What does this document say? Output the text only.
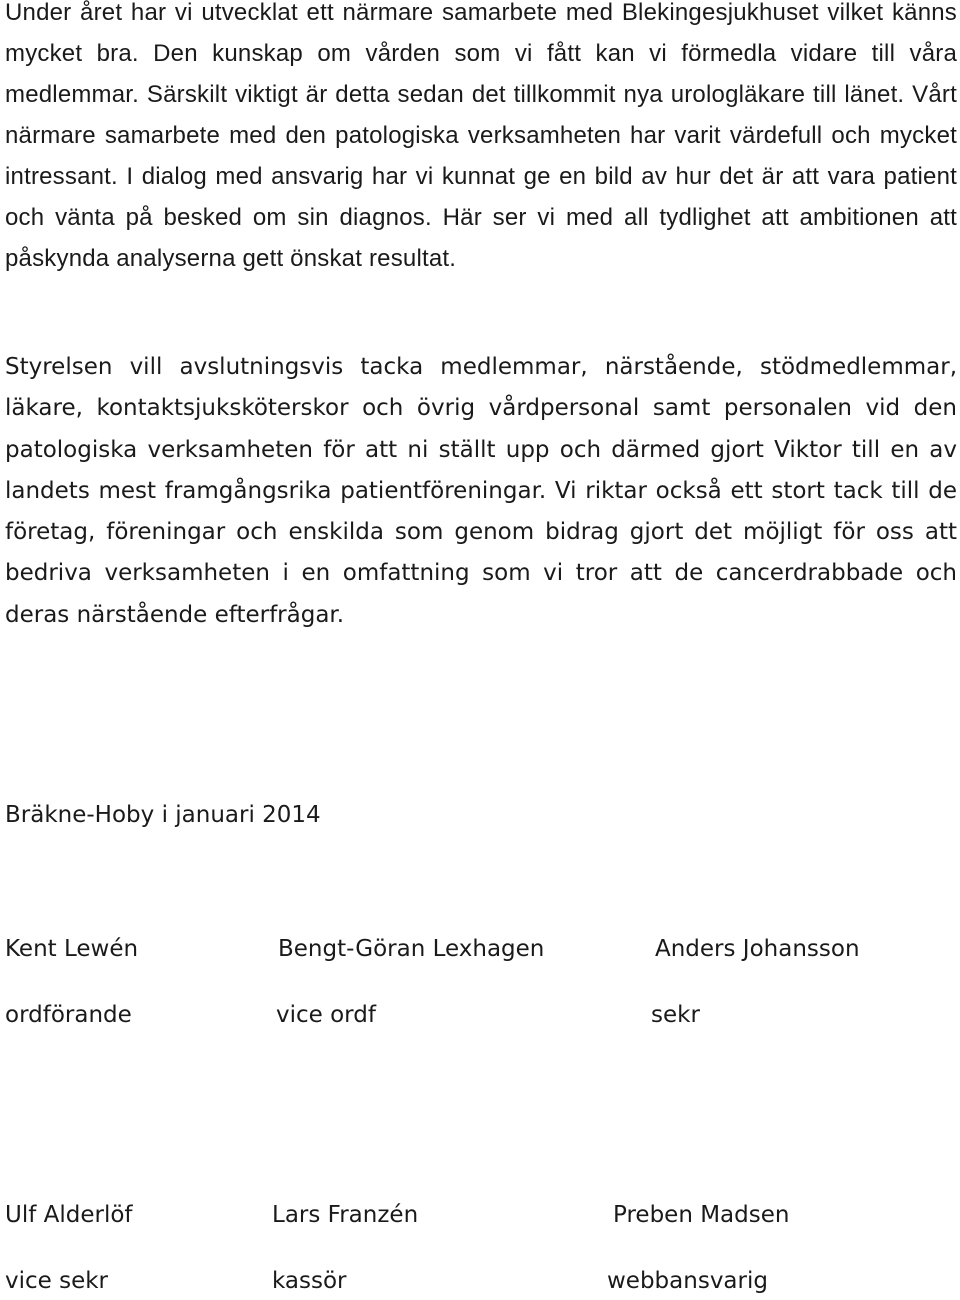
Under året har vi utvecklat ett närmare samarbete med Blekingesjukhuset vilket känns mycket bra. Den kunskap om vården som vi fått kan vi förmedla vidare till våra medlemmar. Särskilt viktigt är detta sedan det tillkommit nya urologläkare till länet. Vårt närmare samarbete med den patologiska verksamheten har varit värdefull och mycket intressant. I dialog med ansvarig har vi kunnat ge en bild av hur det är att vara patient och vänta på besked om sin diagnos. Här ser vi med all tydlighet att ambitionen att påskynda analyserna gett önskat resultat.

Styrelsen vill avslutningsvis tacka medlemmar, närstående, stödmedlemmar, läkare, kontaktsjuksköterskor och övrig vårdpersonal samt personalen vid den patologiska verksamheten för att ni ställt upp och därmed gjort Viktor till en av landets mest framgångsrika patientföreningar. Vi riktar också ett stort tack till de företag, föreningar och enskilda som genom bidrag gjort det möjligt för oss att bedriva verksamheten i en omfattning som vi tror att de cancerdrabbade och deras närstående efterfrågar.

Bräkne-Hoby i januari 2014

Kent Lewén	Bengt-Göran Lexhagen	Anders Johansson

ordförande	vice ordf	sekr

Ulf Alderlöf	Lars Franzén	Preben Madsen

vice sekr	kassör	webbansvarig
